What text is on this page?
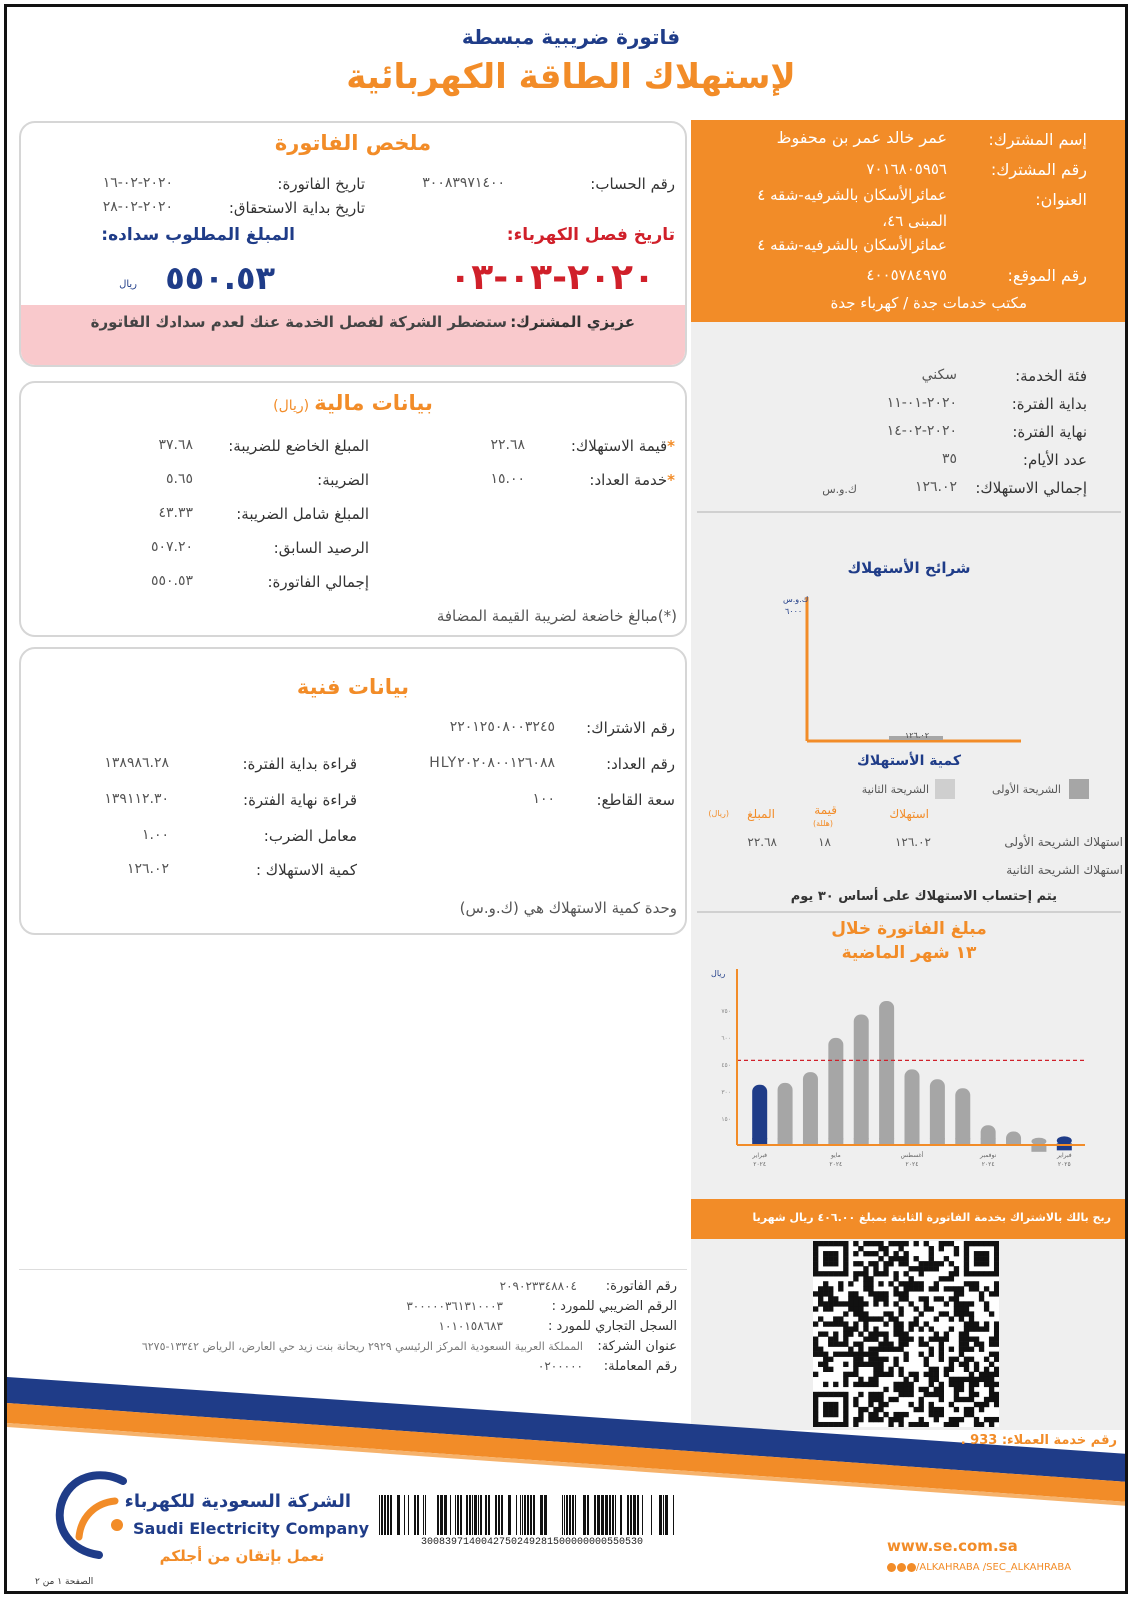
فاتورة ضريبية مبسطة
لإستهلاك الطاقة الكهربائية
إسم المشترك:
عمر خالد عمر بن محفوظ
رقم المشترك:
٧٠١٦٨٠٥٩٥٦
العنوان:
عمائرالأسكان بالشرفيه-شقه ٤
المبنى ٤٦،
عمائرالأسكان بالشرفيه-شقه ٤
رقم الموقع:
٤٠٠٥٧٨٤٩٧٥
مكتب خدمات جدة / كهرباء جدة
ملخص الفاتورة
رقم الحساب:
٣٠٠٨٣٩٧١٤٠٠
تاريخ الفاتورة:
٢٠٢٠-٠٢-١٦
تاريخ بداية الاستحقاق:
٢٠٢٠-٠٢-٢٨
تاريخ فصل الكهرباء:
المبلغ المطلوب سداده:
٢٠٢٠-٠٣-٠٣
٥٥٠.٥٣
ريال
عزيزي المشترك:
ستضطر الشركة لفصل الخدمة عنك لعدم سدادك الفاتورة
بيانات مالية (ريال)
*قيمة الاستهلاك:
٢٢.٦٨
*خدمة العداد:
١٥.٠٠
المبلغ الخاضع للضريبة:
٣٧.٦٨
الضريبة:
٥.٦٥
المبلغ شامل الضريبة:
٤٣.٣٣
الرصيد السابق:
٥٠٧.٢٠
إجمالي الفاتورة:
٥٥٠.٥٣
(*)مبالغ خاضعة لضريبة القيمة المضافة
بيانات فنية
رقم الاشتراك:
٢٢٠١٢٥٠٨٠٠٣٢٤٥
رقم العداد:
HLY٢٠٢٠٨٠٠١٢٦٠٨٨
سعة القاطع:
١٠٠
قراءة بداية الفترة:
١٣٨٩٨٦.٢٨
قراءة نهاية الفترة:
١٣٩١١٢.٣٠
معامل الضرب:
١.٠٠
كمية الاستهلاك :
١٢٦.٠٢
وحدة كمية الاستهلاك هي (ك.و.س)
فئة الخدمة:
سكني
بداية الفترة:
٢٠٢٠-٠١-١١
نهاية الفترة:
٢٠٢٠-٠٢-١٤
عدد الأيام:
٣٥
إجمالي الاستهلاك:
١٢٦.٠٢
ك.و.س
شرائح الأستهلاك
ك.و.س
٦٠٠٠
١٢٦.٠٢
كمية الأستهلاك
الشريحة الأولى
الشريحة الثانية
استهلاك
قيمة
(هللة)
المبلغ
(ريال)
استهلاك الشريحة الأولى
١٢٦.٠٢
١٨
٢٢.٦٨
استهلاك الشريحة الثانية
يتم إحتساب الاستهلاك على أساس ٣٠ يوم
مبلغ الفاتورة خلال
١٣ شهر الماضية
ريال
١٥٠
٣٠٠
٤٥٠
٦٠٠
٧٥٠
فبراير
٢٠٢٤
مايو
٢٠٢٤
أغسطس
٢٠٢٤
نوفمبر
٢٠٢٤
فبراير
٢٠٢٥
ربح بالك بالاشتراك بخدمة الفاتورة الثابتة بمبلغ ٤٠٦.٠٠ ريال شهريا
رقم الفاتورة:
٢٠٩٠٢٣٣٤٨٨٠٤
الرقم الضريبي للمورد :
٣٠٠٠٠٠٣٦١٣١٠٠٠٣
السجل التجاري للمورد :
١٠١٠١٥٨٦٨٣
عنوان الشركة:
المملكة العربية السعودية المركز الرئيسي ٢٩٢٩ ريحانة بنت زيد حي العارض، الرياض ١٣٣٤٢-٦٢٧٥
رقم المعاملة:
٠٢٠٠٠٠٠
رقم خدمة العملاء: 933 .
الشركة السعودية للكهرباء
Saudi Electricity Company
نعمل بإتقان من أجلكم
الصفحة ١ من ٢
3008397140042750249281500000000550530	www.se.com.sa
/ALKAHRABA /SEC_ALKAHRABA
